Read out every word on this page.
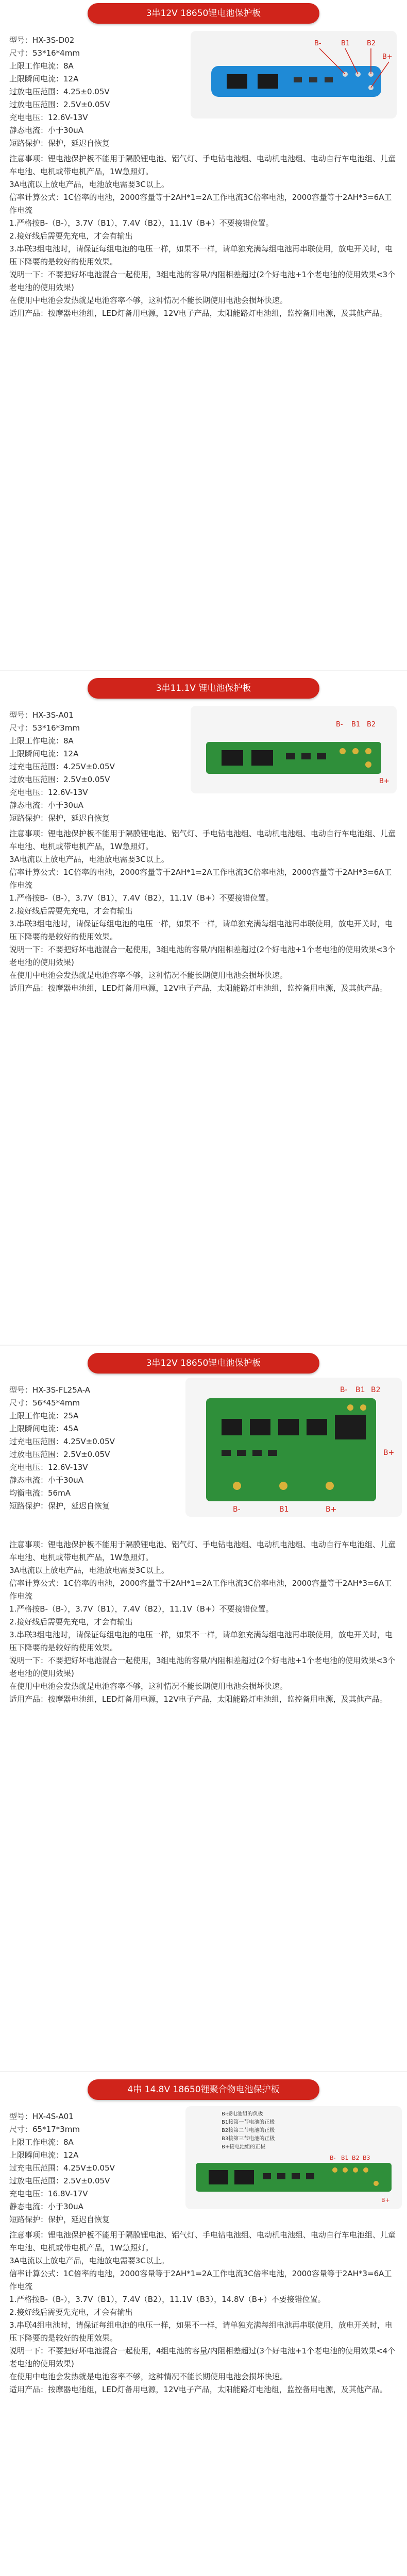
3串12V 18650锂电池保护板
型号：HX-3S-D02
尺寸：53*16*4mm
上限工作电流：8A
上限瞬间电流：12A
过放电压范围：4.25±0.05V
过放电压范围：2.5V±0.05V
充电电压：12.6V-13V
静态电流：小于30uA
短路保护：保护，延迟自恢复
B-	B1	B2
B+

注意事项：锂电池保护板不能用于隔膜锂电池、铝气灯、手电钻电池组、电动机电池组、电动自行车电池组、儿童车电池、电机或带电机产品，1W急照灯。

3A电流以上放电产品，电池放电需要3C以上。

信率计算公式：1C倍率的电池，2000容量等于2AH*1=2A工作电流3C倍率电池，2000容量等于2AH*3=6A工作电流

1.严格按B-（B-），3.7V（B1），7.4V（B2），11.1V（B+）不要接错位置。

2.接好线后需要先充电，才会有输出

3.串联3组电池时，请保证每组电池的电压一样，如果不一样，请单独充满每组电池再串联使用，放电开关时，电压下降要的是较好的使用效果。

说明一下：不要把好坏电池混合一起使用，3组电池的容量/内阻相差超过(2个好电池+1个老电池的使用效果<3个老电池的使用效果)

在使用中电池会发热就是电池容率不够，这种情况不能长期使用电池会损坏快速。

适用产品：按摩器电池组，LED灯备用电源，12V电子产品，太阳能路灯电池组，监控备用电源，及其他产品。

3串11.1V 锂电池保护板
型号：HX-3S-A01
尺寸：53*16*3mm
上限工作电流：8A
上限瞬间电流：12A
过充电压范围：4.25V±0.05V
过放电压范围：2.5V±0.05V
充电电压：12.6V-13V
静态电流：小于30uA
短路保护：保护，延迟自恢复
B- B1 B2
B+

注意事项：锂电池保护板不能用于隔膜锂电池、铝气灯、手电钻电池组、电动机电池组、电动自行车电池组、儿童车电池、电机或带电机产品，1W急照灯。

3A电流以上放电产品，电池放电需要3C以上。

信率计算公式：1C倍率的电池，2000容量等于2AH*1=2A工作电流3C倍率电池，2000容量等于2AH*3=6A工作电流

1.严格按B-（B-），3.7V（B1），7.4V（B2），11.1V（B+）不要接错位置。

2.接好线后需要先充电，才会有输出

3.串联3组电池时，请保证每组电池的电压一样，如果不一样，请单独充满每组电池再串联使用，放电开关时，电压下降要的是较好的使用效果。

说明一下：不要把好坏电池混合一起使用，3组电池的容量/内阻相差超过(2个好电池+1个老电池的使用效果<3个老电池的使用效果)

在使用中电池会发热就是电池容率不够，这种情况不能长期使用电池会损坏快速。

适用产品：按摩器电池组，LED灯备用电源，12V电子产品，太阳能路灯电池组，监控备用电源，及其他产品。

3串12V 18650锂电池保护板
型号：HX-3S-FL25A-A
尺寸：56*45*4mm
上限工作电流：25A
上限瞬间电流：45A
过充电压范围：4.25V±0.05V
过放电压范围：2.5V±0.05V
充电电压：12.6V-13V
静态电流：小于30uA
均衡电流：56mA
短路保护：保护，延迟自恢复
B- B1 B2
B+
B-	B1	B+

注意事项：锂电池保护板不能用于隔膜锂电池、铝气灯、手电钻电池组、电动机电池组、电动自行车电池组、儿童车电池、电机或带电机产品，1W急照灯。

3A电流以上放电产品，电池放电需要3C以上。

信率计算公式：1C倍率的电池，2000容量等于2AH*1=2A工作电流3C倍率电池，2000容量等于2AH*3=6A工作电流

1.严格按B-（B-），3.7V（B1），7.4V（B2），11.1V（B+）不要接错位置。

2.接好线后需要先充电，才会有输出

3.串联3组电池时，请保证每组电池的电压一样，如果不一样，请单独充满每组电池再串联使用，放电开关时，电压下降要的是较好的使用效果。

说明一下：不要把好坏电池混合一起使用，3组电池的容量/内阻相差超过(2个好电池+1个老电池的使用效果<3个老电池的使用效果)

在使用中电池会发热就是电池容率不够，这种情况不能长期使用电池会损坏快速。

适用产品：按摩器电池组，LED灯备用电源，12V电子产品，太阳能路灯电池组，监控备用电源，及其他产品。

4串 14.8V 18650锂聚合物电池保护板
型号：HX-4S-A01
尺寸：65*17*3mm
上限工作电流：8A
上限瞬间电流：12A
过充电压范围：4.25V±0.05V
过放电压范围：2.5V±0.05V
充电电压：16.8V-17V
静态电流：小于30uA
短路保护：保护，延迟自恢复
B-接电池组的负极
B1接第一节电池的正极
B2接第二节电池的正极
B3接第三节电池的正极
B+接电池组的正极
B- B1 B2 B3
B+

注意事项：锂电池保护板不能用于隔膜锂电池、铝气灯、手电钻电池组、电动机电池组、电动自行车电池组、儿童车电池、电机或带电机产品，1W急照灯。

3A电流以上放电产品，电池放电需要3C以上。

信率计算公式：1C倍率的电池，2000容量等于2AH*1=2A工作电流3C倍率电池，2000容量等于2AH*3=6A工作电流

1.严格按B-（B-），3.7V（B1），7.4V（B2），11.1V（B3），14.8V（B+）不要接错位置。

2.接好线后需要先充电，才会有输出

3.串联4组电池时，请保证每组电池的电压一样，如果不一样，请单独充满每组电池再串联使用，放电开关时，电压下降要的是较好的使用效果。

说明一下：不要把好坏电池混合一起使用，4组电池的容量/内阻相差超过(3个好电池+1个老电池的使用效果<4个老电池的使用效果)

在使用中电池会发热就是电池容率不够，这种情况不能长期使用电池会损坏快速。

适用产品：按摩器电池组，LED灯备用电源，12V电子产品，太阳能路灯电池组，监控备用电源，及其他产品。
